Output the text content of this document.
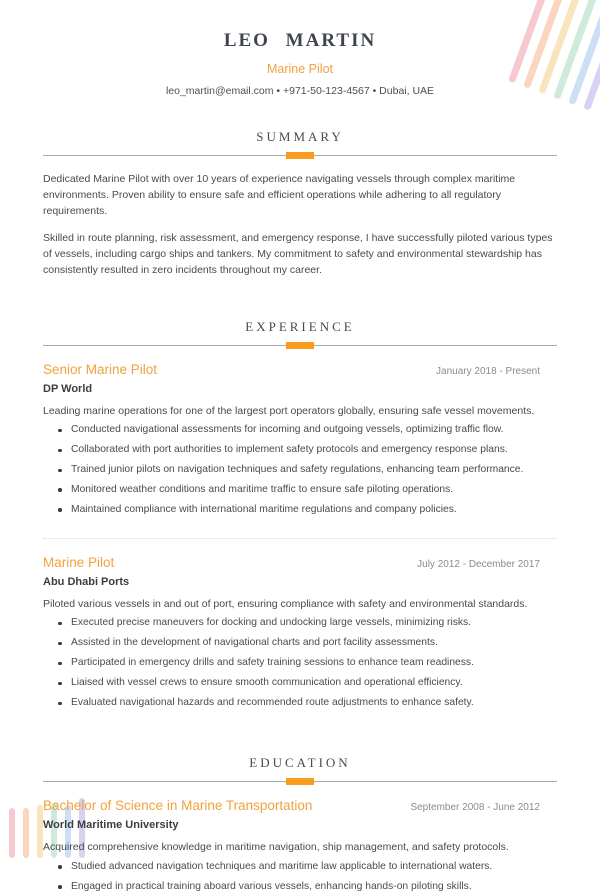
LEO MARTIN
Marine Pilot
leo_martin@email.com • +971-50-123-4567 • Dubai, UAE
SUMMARY

Dedicated Marine Pilot with over 10 years of experience navigating vessels through complex maritime environments. Proven ability to ensure safe and efficient operations while adhering to all regulatory requirements.

Skilled in route planning, risk assessment, and emergency response, I have successfully piloted various types of vessels, including cargo ships and tankers. My commitment to safety and environmental stewardship has consistently resulted in zero incidents throughout my career.

EXPERIENCE
Senior Marine Pilot	January 2018 - Present
DP World
Leading marine operations for one of the largest port operators globally, ensuring safe vessel movements.
Conducted navigational assessments for incoming and outgoing vessels, optimizing traffic flow.
Collaborated with port authorities to implement safety protocols and emergency response plans.
Trained junior pilots on navigation techniques and safety regulations, enhancing team performance.
Monitored weather conditions and maritime traffic to ensure safe piloting operations.
Maintained compliance with international maritime regulations and company policies.
Marine Pilot	July 2012 - December 2017
Abu Dhabi Ports
Piloted various vessels in and out of port, ensuring compliance with safety and environmental standards.
Executed precise maneuvers for docking and undocking large vessels, minimizing risks.
Assisted in the development of navigational charts and port facility assessments.
Participated in emergency drills and safety training sessions to enhance team readiness.
Liaised with vessel crews to ensure smooth communication and operational efficiency.
Evaluated navigational hazards and recommended route adjustments to enhance safety.
EDUCATION
Bachelor of Science in Marine Transportation	September 2008 - June 2012
World Maritime University
Acquired comprehensive knowledge in maritime navigation, ship management, and safety protocols.
Studied advanced navigation techniques and maritime law applicable to international waters.
Engaged in practical training aboard various vessels, enhancing hands-on piloting skills.
